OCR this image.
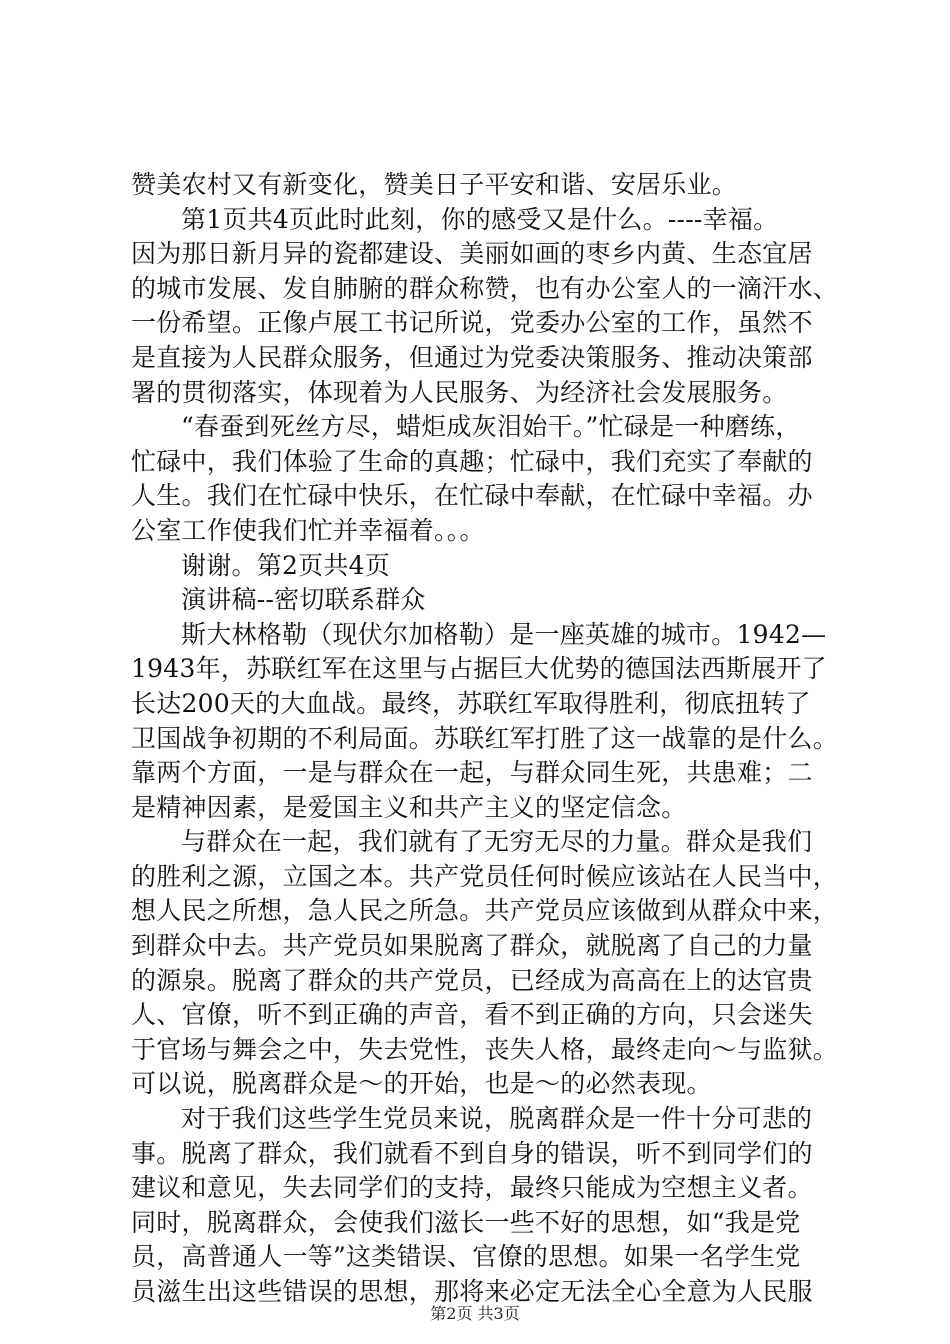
赞美农村又有新变化，赞美日子平安和谐、安居乐业。
第1页共4页此时此刻，你的感受又是什么。----幸福。
因为那日新月异的瓷都建设、美丽如画的枣乡内黄、生态宜居
的城市发展、发自肺腑的群众称赞，也有办公室人的一滴汗水、
一份希望。正像卢展工书记所说，党委办公室的工作，虽然不
是直接为人民群众服务，但通过为党委决策服务、推动决策部
署的贯彻落实，体现着为人民服务、为经济社会发展服务。
“春蚕到死丝方尽，蜡炬成灰泪始干。”忙碌是一种磨练，
忙碌中，我们体验了生命的真趣；忙碌中，我们充实了奉献的
人生。我们在忙碌中快乐，在忙碌中奉献，在忙碌中幸福。办
公室工作使我们忙并幸福着。。。
谢谢。第2页共4页
演讲稿--密切联系群众
斯大林格勒（现伏尔加格勒）是一座英雄的城市。1942—
1943年，苏联红军在这里与占据巨大优势的德国法西斯展开了
长达200天的大血战。最终，苏联红军取得胜利，彻底扭转了
卫国战争初期的不利局面。苏联红军打胜了这一战靠的是什么。
靠两个方面，一是与群众在一起，与群众同生死，共患难；二
是精神因素，是爱国主义和共产主义的坚定信念。
与群众在一起，我们就有了无穷无尽的力量。群众是我们
的胜利之源，立国之本。共产党员任何时候应该站在人民当中，
想人民之所想，急人民之所急。共产党员应该做到从群众中来，
到群众中去。共产党员如果脱离了群众，就脱离了自己的力量
的源泉。脱离了群众的共产党员，已经成为高高在上的达官贵
人、官僚，听不到正确的声音，看不到正确的方向，只会迷失
于官场与舞会之中，失去党性，丧失人格，最终走向～与监狱。
可以说，脱离群众是～的开始，也是～的必然表现。
对于我们这些学生党员来说，脱离群众是一件十分可悲的
事。脱离了群众，我们就看不到自身的错误，听不到同学们的
建议和意见，失去同学们的支持，最终只能成为空想主义者。
同时，脱离群众，会使我们滋长一些不好的思想，如“我是党
员，高普通人一等”这类错误、官僚的思想。如果一名学生党
员滋生出这些错误的思想，那将来必定无法全心全意为人民服
第2页 共3页
